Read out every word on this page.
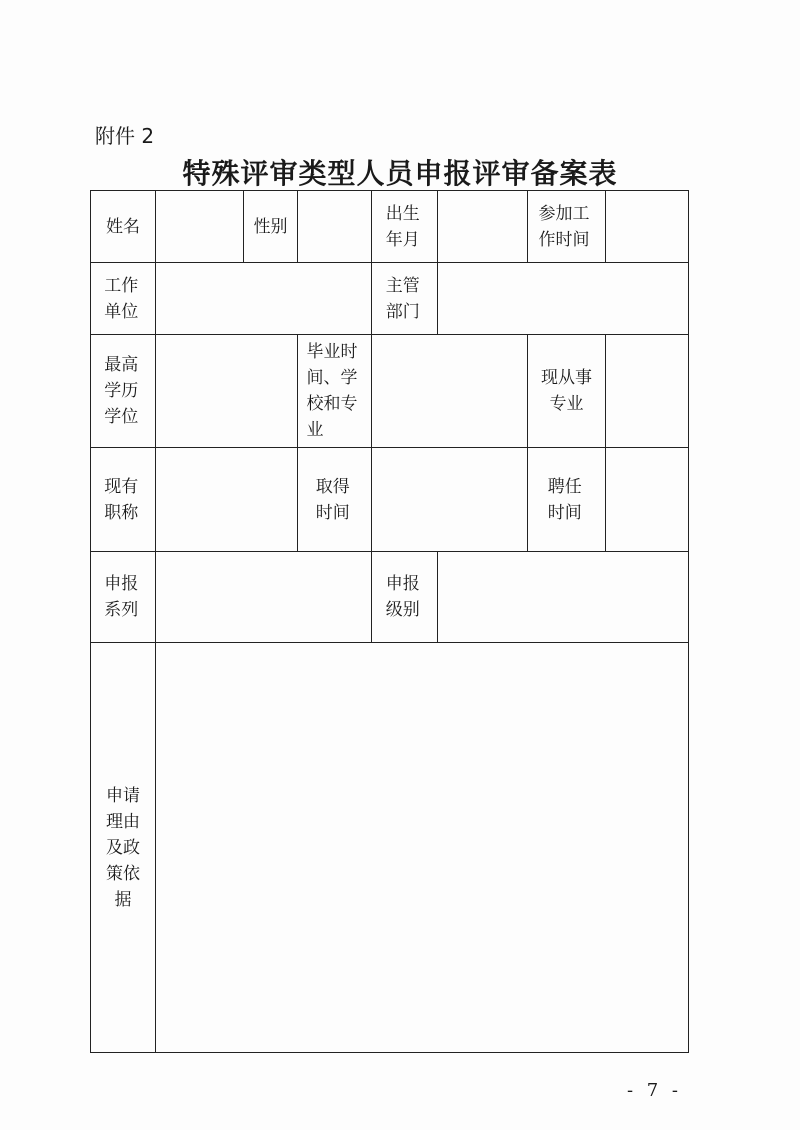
附件 2
特殊评审类型人员申报评审备案表
姓名		性别		出生年月		参加工作时间	
工作单位				主管部门			
最高学历学位			毕业时间、学校和专业			现从事专业	
现有职称			取得时间			聘任时间	
申报系列				申报级别			
申请理由及政策依据							
- 7 -
